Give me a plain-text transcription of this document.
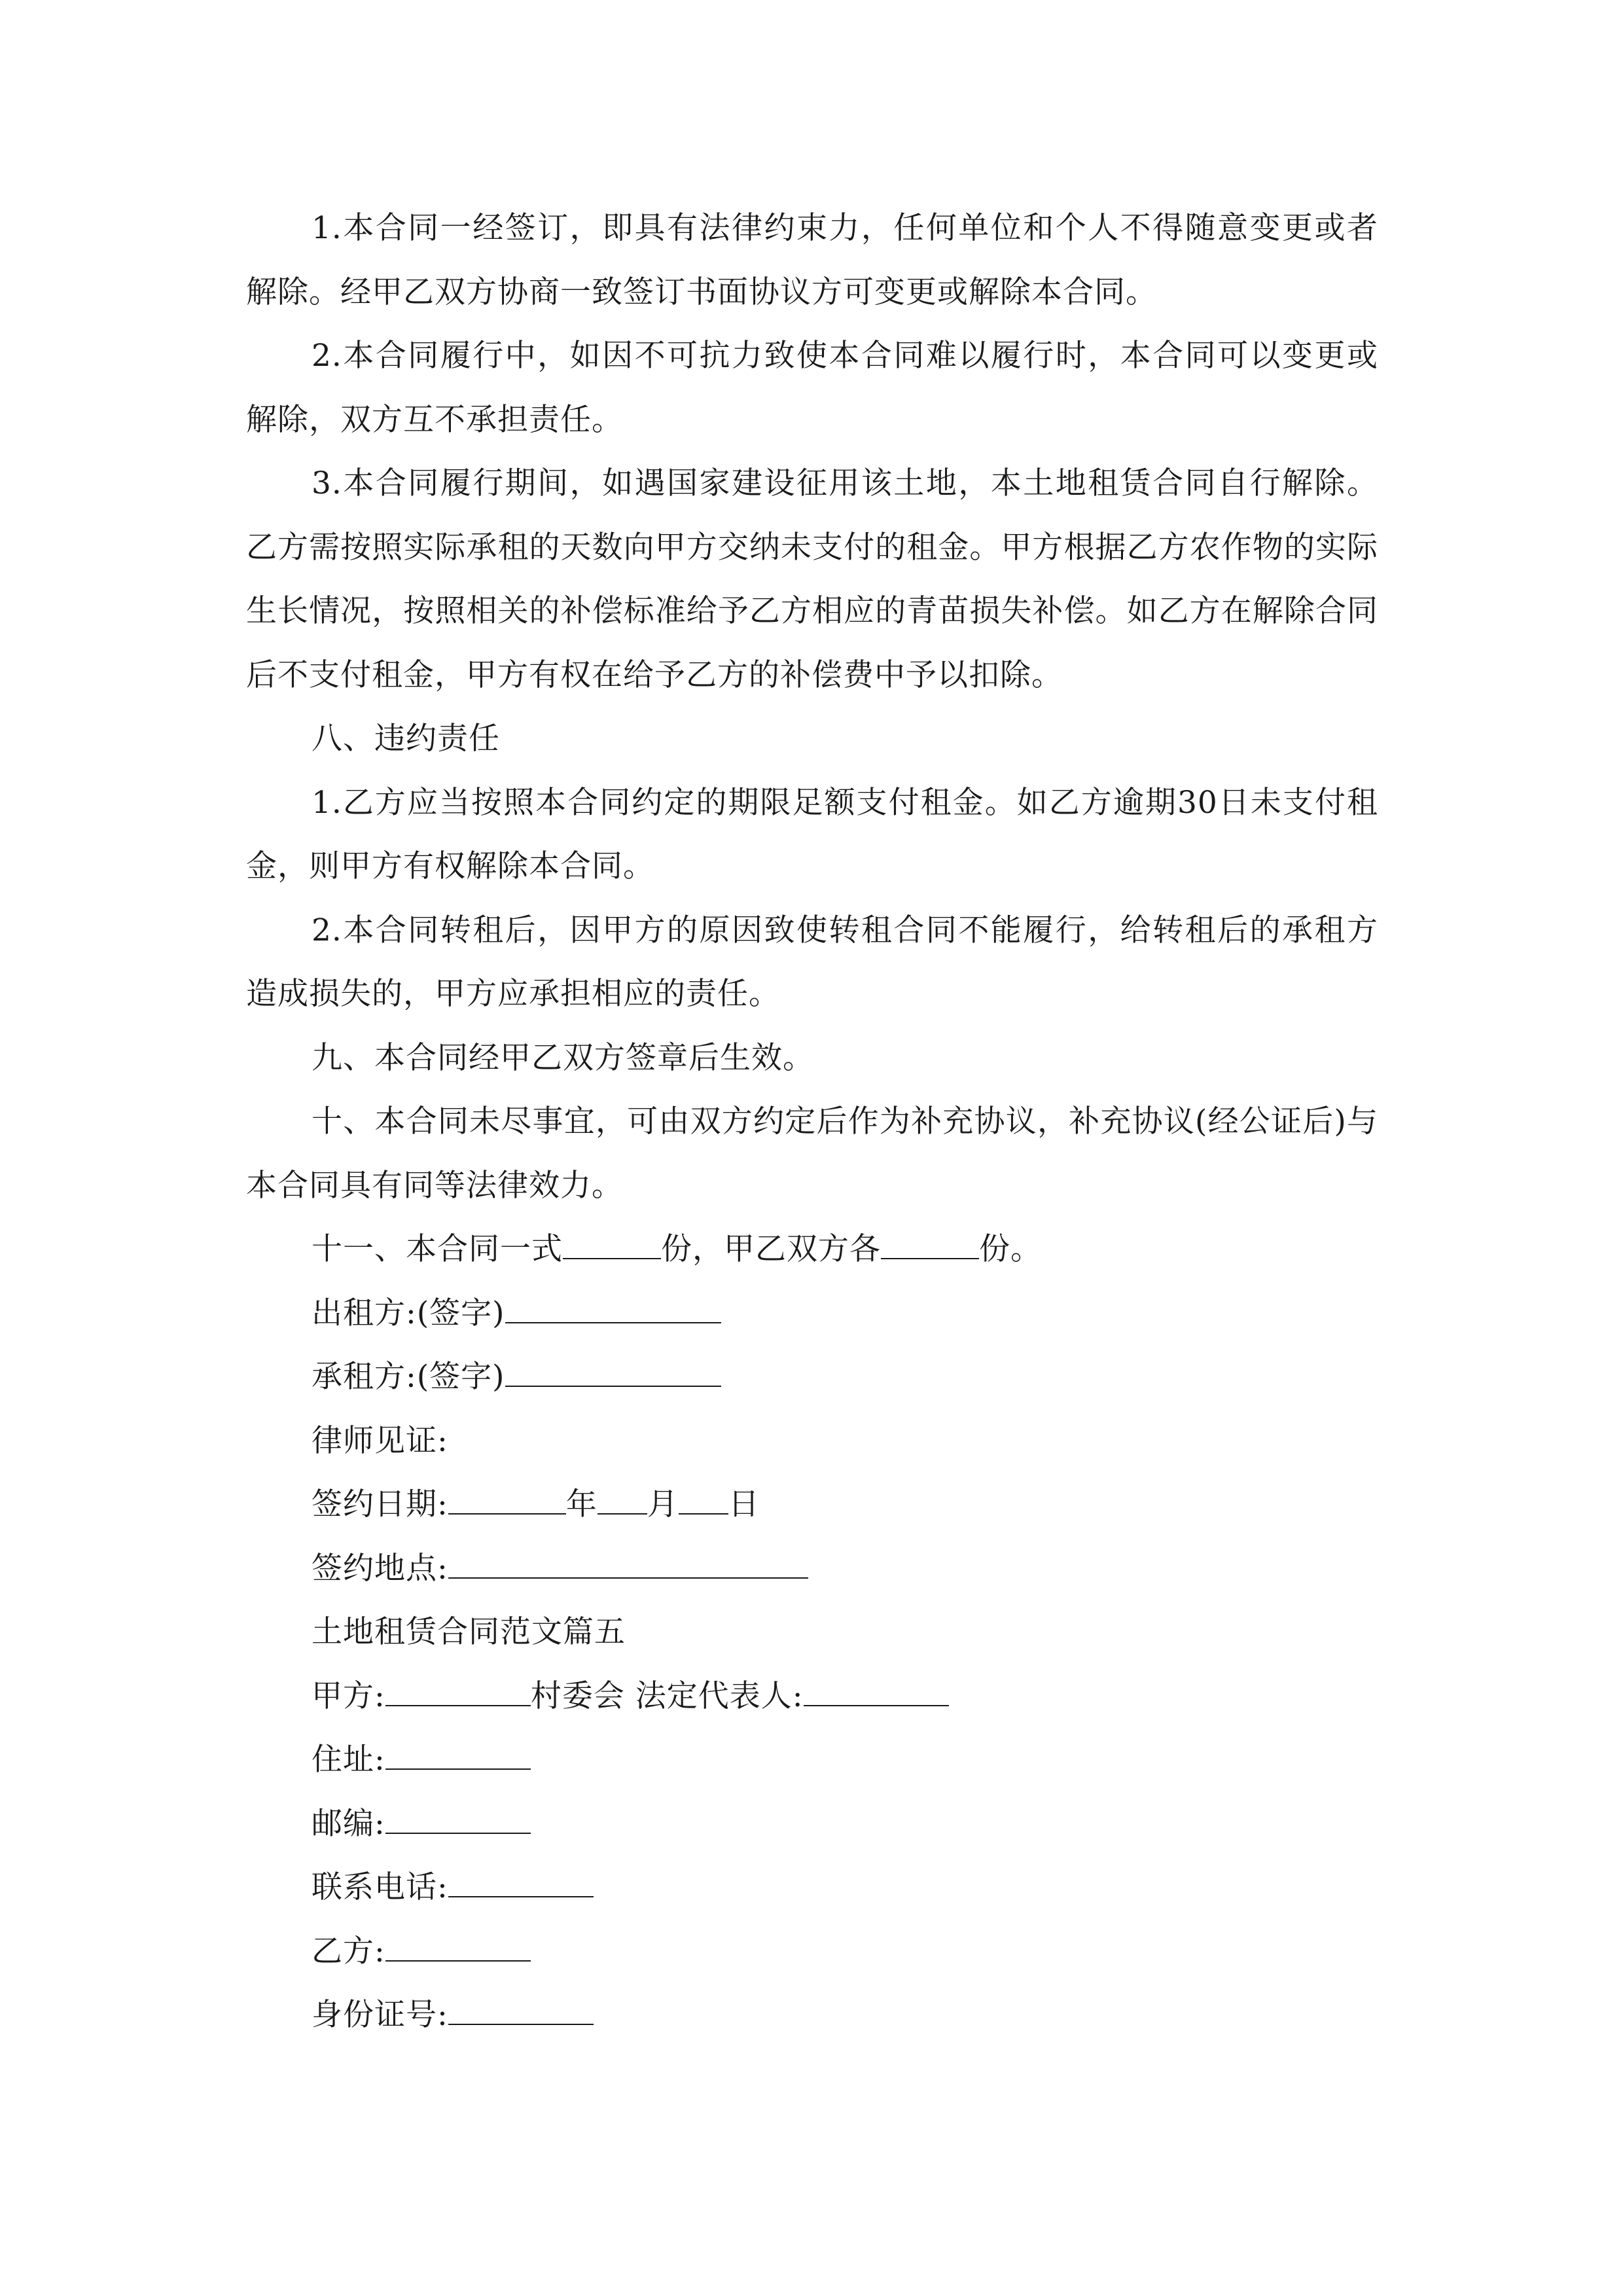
1.本合同一经签订，即具有法律约束力，任何单位和个人不得随意变更或者解除。经甲乙双方协商一致签订书面协议方可变更或解除本合同。

2.本合同履行中，如因不可抗力致使本合同难以履行时，本合同可以变更或解除，双方互不承担责任。

3.本合同履行期间，如遇国家建设征用该土地，本土地租赁合同自行解除。乙方需按照实际承租的天数向甲方交纳未支付的租金。甲方根据乙方农作物的实际生长情况，按照相关的补偿标准给予乙方相应的青苗损失补偿。如乙方在解除合同后不支付租金，甲方有权在给予乙方的补偿费中予以扣除。

八、违约责任

1.乙方应当按照本合同约定的期限足额支付租金。如乙方逾期30日未支付租金，则甲方有权解除本合同。

2.本合同转租后，因甲方的原因致使转租合同不能履行，给转租后的承租方造成损失的，甲方应承担相应的责任。

九、本合同经甲乙双方签章后生效。

十、本合同未尽事宜，可由双方约定后作为补充协议，补充协议(经公证后)与本合同具有同等法律效力。

十一、本合同一式	份，甲乙双方各	份。

出租方:(签字)

承租方:(签字)

律师见证:

签约日期:	年 月 日

签约地点:

土地租赁合同范文篇五

甲方:	村委会 法定代表人:

住址:

邮编:

联系电话:

乙方:

身份证号:
